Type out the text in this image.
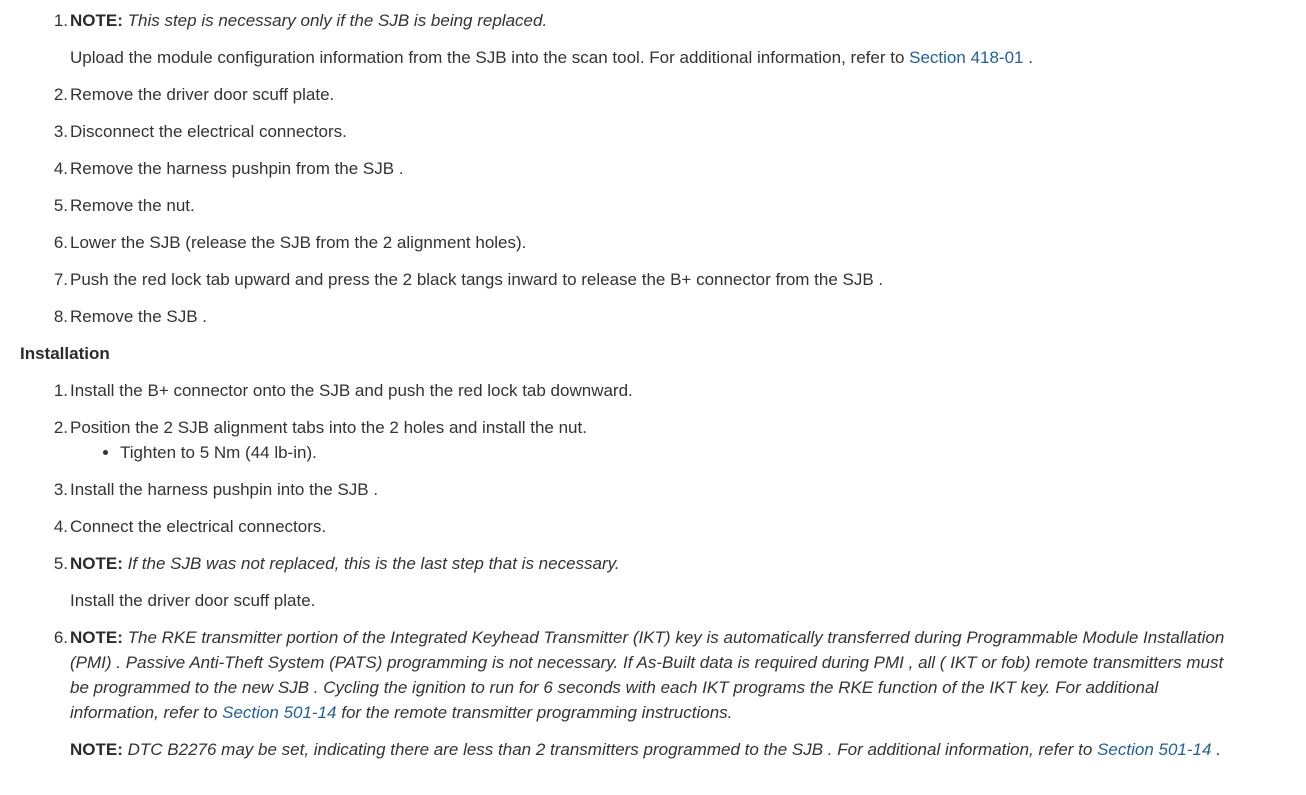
1. NOTE: This step is necessary only if the SJB is being replaced.
Upload the module configuration information from the SJB into the scan tool. For additional information, refer to Section 418-01 .
2. Remove the driver door scuff plate.
3. Disconnect the electrical connectors.
4. Remove the harness pushpin from the SJB .
5. Remove the nut.
6. Lower the SJB (release the SJB from the 2 alignment holes).
7. Push the red lock tab upward and press the 2 black tangs inward to release the B+ connector from the SJB .
8. Remove the SJB .
Installation
1. Install the B+ connector onto the SJB and push the red lock tab downward.
2. Position the 2 SJB alignment tabs into the 2 holes and install the nut.
• Tighten to 5 Nm (44 lb-in).
3. Install the harness pushpin into the SJB .
4. Connect the electrical connectors.
5. NOTE: If the SJB was not replaced, this is the last step that is necessary.
Install the driver door scuff plate.
6. NOTE: The RKE transmitter portion of the Integrated Keyhead Transmitter (IKT) key is automatically transferred during Programmable Module Installation (PMI) . Passive Anti-Theft System (PATS) programming is not necessary. If As-Built data is required during PMI , all ( IKT or fob) remote transmitters must be programmed to the new SJB . Cycling the ignition to run for 6 seconds with each IKT programs the RKE function of the IKT key. For additional information, refer to Section 501-14 for the remote transmitter programming instructions.
NOTE: DTC B2276 may be set, indicating there are less than 2 transmitters programmed to the SJB . For additional information, refer to Section 501-14 .
